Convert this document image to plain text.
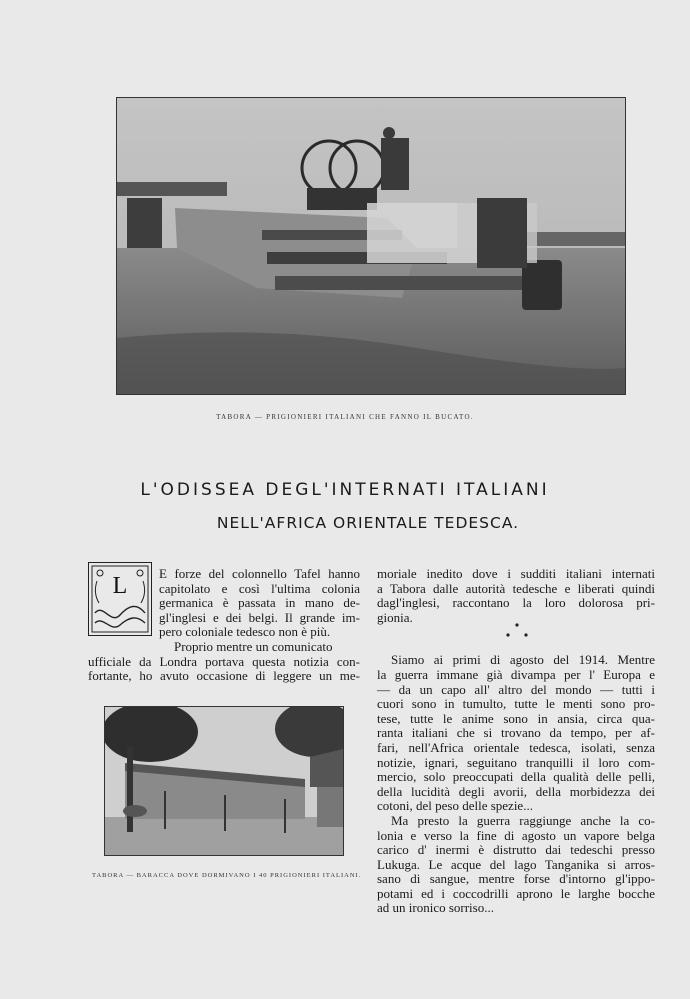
TABORA — PRIGIONIERI ITALIANI CHE FANNO IL BUCATO.
L'ODISSEA DEGL'INTERNATI ITALIANI
NELL'AFRICA ORIENTALE TEDESCA.
L	E forze del colonnello Tafel hanno
capitolato e così l'ultima colonia
germanica è passata in mano de-
gl'inglesi e dei belgi. Il grande im-
pero coloniale tedesco non è più.
Proprio mentre un comunicato
ufficiale da Londra portava questa notizia con-
fortante, ho avuto occasione di leggere un me-
moriale inedito dove i sudditi italiani internati
a Tabora dalle autorità tedesche e liberati quindi
dagl'inglesi, raccontano la loro dolorosa pri-
gionia.
Siamo ai primi di agosto del 1914. Mentre
la guerra immane già divampa per l' Europa e
— da un capo all' altro del mondo — tutti i
cuori sono in tumulto, tutte le menti sono pro-
tese, tutte le anime sono in ansia, circa qua-
ranta italiani che si trovano da tempo, per af-
fari, nell'Africa orientale tedesca, isolati, senza
notizie, ignari, seguitano tranquilli il loro com-
mercio, solo preoccupati della qualità delle pelli,
della lucidità degli avorii, della morbidezza dei
cotoni, del peso delle spezie...
Ma presto la guerra raggiunge anche la co-
lonia e verso la fine di agosto un vapore belga
carico d' inermi è distrutto dai tedeschi presso
Lukuga. Le acque del lago Tanganika si arros-
sano di sangue, mentre forse d'intorno gl'ippo-
potami ed i coccodrilli aprono le larghe bocche
ad un ironico sorriso...
TABORA — BARACCA DOVE DORMIVANO I 40 PRIGIONIERI ITALIANI.
